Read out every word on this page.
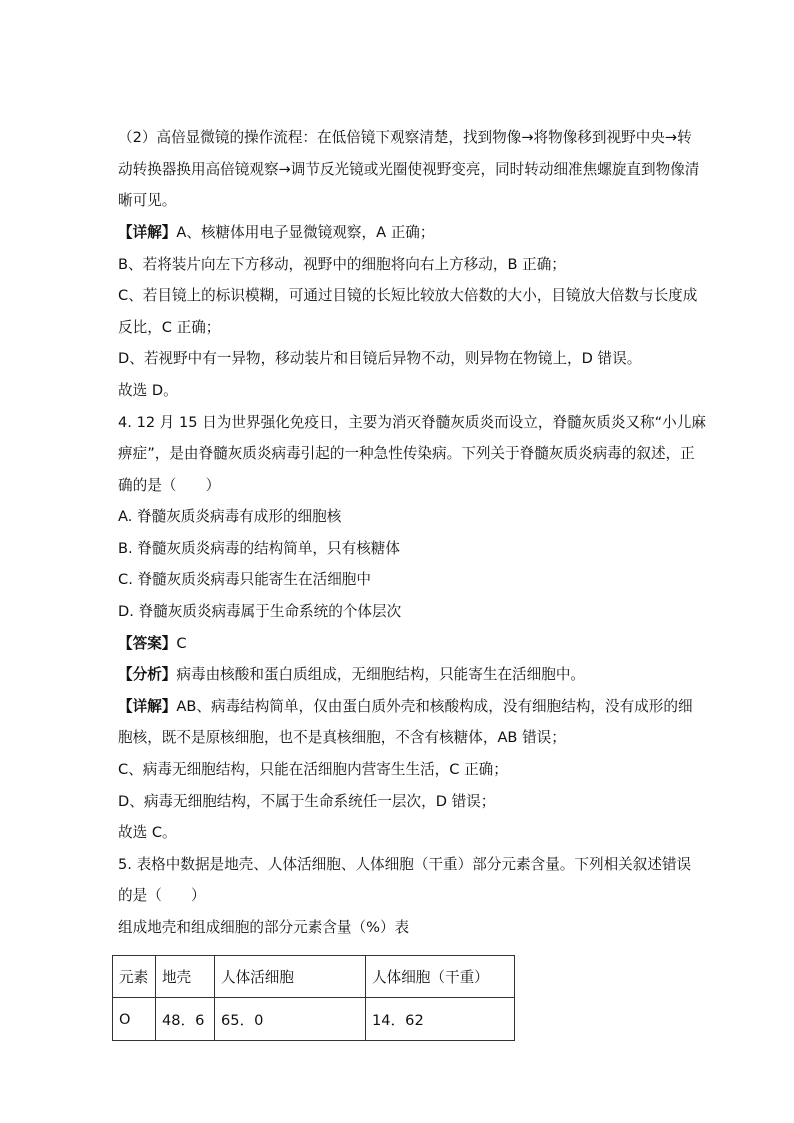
（2）高倍显微镜的操作流程：在低倍镜下观察清楚，找到物像→将物像移到视野中央→转
动转换器换用高倍镜观察→调节反光镜或光圈使视野变亮，同时转动细准焦螺旋直到物像清
晰可见。
【详解】A、核糖体用电子显微镜观察，A 正确；
B、若将装片向左下方移动，视野中的细胞将向右上方移动，B 正确；
C、若目镜上的标识模糊，可通过目镜的长短比较放大倍数的大小，目镜放大倍数与长度成
反比，C 正确；
D、若视野中有一异物，移动装片和目镜后异物不动，则异物在物镜上，D 错误。
故选 D。
4. 12 月 15 日为世界强化免疫日，主要为消灭脊髓灰质炎而设立，脊髓灰质炎又称“小儿麻
痹症”，是由脊髓灰质炎病毒引起的一种急性传染病。下列关于脊髓灰质炎病毒的叙述，正
确的是（　　）
A. 脊髓灰质炎病毒有成形的细胞核
B. 脊髓灰质炎病毒的结构简单，只有核糖体
C. 脊髓灰质炎病毒只能寄生在活细胞中
D. 脊髓灰质炎病毒属于生命系统的个体层次
【答案】C
【分析】病毒由核酸和蛋白质组成，无细胞结构，只能寄生在活细胞中。
【详解】AB、病毒结构简单，仅由蛋白质外壳和核酸构成，没有细胞结构，没有成形的细
胞核，既不是原核细胞，也不是真核细胞，不含有核糖体，AB 错误；
C、病毒无细胞结构，只能在活细胞内营寄生生活，C 正确；
D、病毒无细胞结构，不属于生命系统任一层次，D 错误；
故选 C。
5. 表格中数据是地壳、人体活细胞、人体细胞（干重）部分元素含量。下列相关叙述错误
的是（　　）
组成地壳和组成细胞的部分元素含量（%）表
元素	地壳	人体活细胞	人体细胞（干重）
O	48．6	65．0	14．62
